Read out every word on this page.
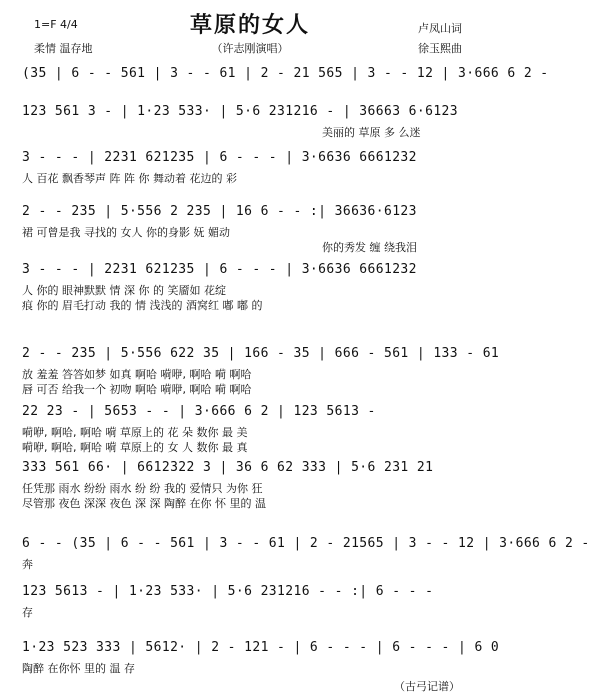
草原的女人
（许志刚演唱）
1=F 4/4
柔情 温存地
卢凤山词
徐玉熙曲
(35 | 6 - - 561 | 3 - - 61 | 2 - 21 565 | 3 - - 12 | 3·666 6 2 -
123 561 3 - | 1·23 533· | 5·6 231216 - | 36663 6·6123
美丽的 草原 多 么迷
3 - - - | 2231 621235 | 6 - - - | 3·6636 6661232
人 百花 飘香琴声 阵 阵 你 舞动着 花边的 彩
2 - - 235 | 5·556 2 235 | 16 6 - - :| 36636·6123
裙 可曾是我 寻找的 女人 你的身影 妩 媚动
你的秀发 缠 绕我泪
3 - - - | 2231 621235 | 6 - - - | 3·6636 6661232
人 你的 眼神默默 情 深 你 的 笑靥如 花绽
痕 你的 眉毛打动 我的 情 浅浅的 酒窝红 嘟 嘟 的
2 - - 235 | 5·556 622 35 | 166 - 35 | 666 - 561 | 133 - 61
放 羞羞 答答如梦 如真 啊哈 嗬咿, 啊哈 嗬 啊哈
唇 可否 给我一个 初吻 啊哈 嗬咿, 啊哈 嗬 啊哈
22 23 - | 5653 - - | 3·666 6 2 | 123 5613 -
嗬咿, 啊哈, 啊哈 嗬 草原上的 花 朵 数你 最 美
嗬咿, 啊哈, 啊哈 嗬 草原上的 女 人 数你 最 真
333 561 66· | 6612322 3 | 36 6 62 333 | 5·6 231 21
任凭那 雨水 纷纷 雨水 纷 纷 我的 爱情只 为你 狂
尽管那 夜色 深深 夜色 深 深 陶醉 在你 怀 里的 温
6 - - (35 | 6 - - 561 | 3 - - 61 | 2 - 21565 | 3 - - 12 | 3·666 6 2 -
奔
123 5613 - | 1·23 533· | 5·6 231216 - - :| 6 - - -
存
1·23 523 333 | 5612· | 2 - 121 - | 6 - - - | 6 - - - | 6 0
陶醉 在你怀 里的 温 存
（古弓记谱）
